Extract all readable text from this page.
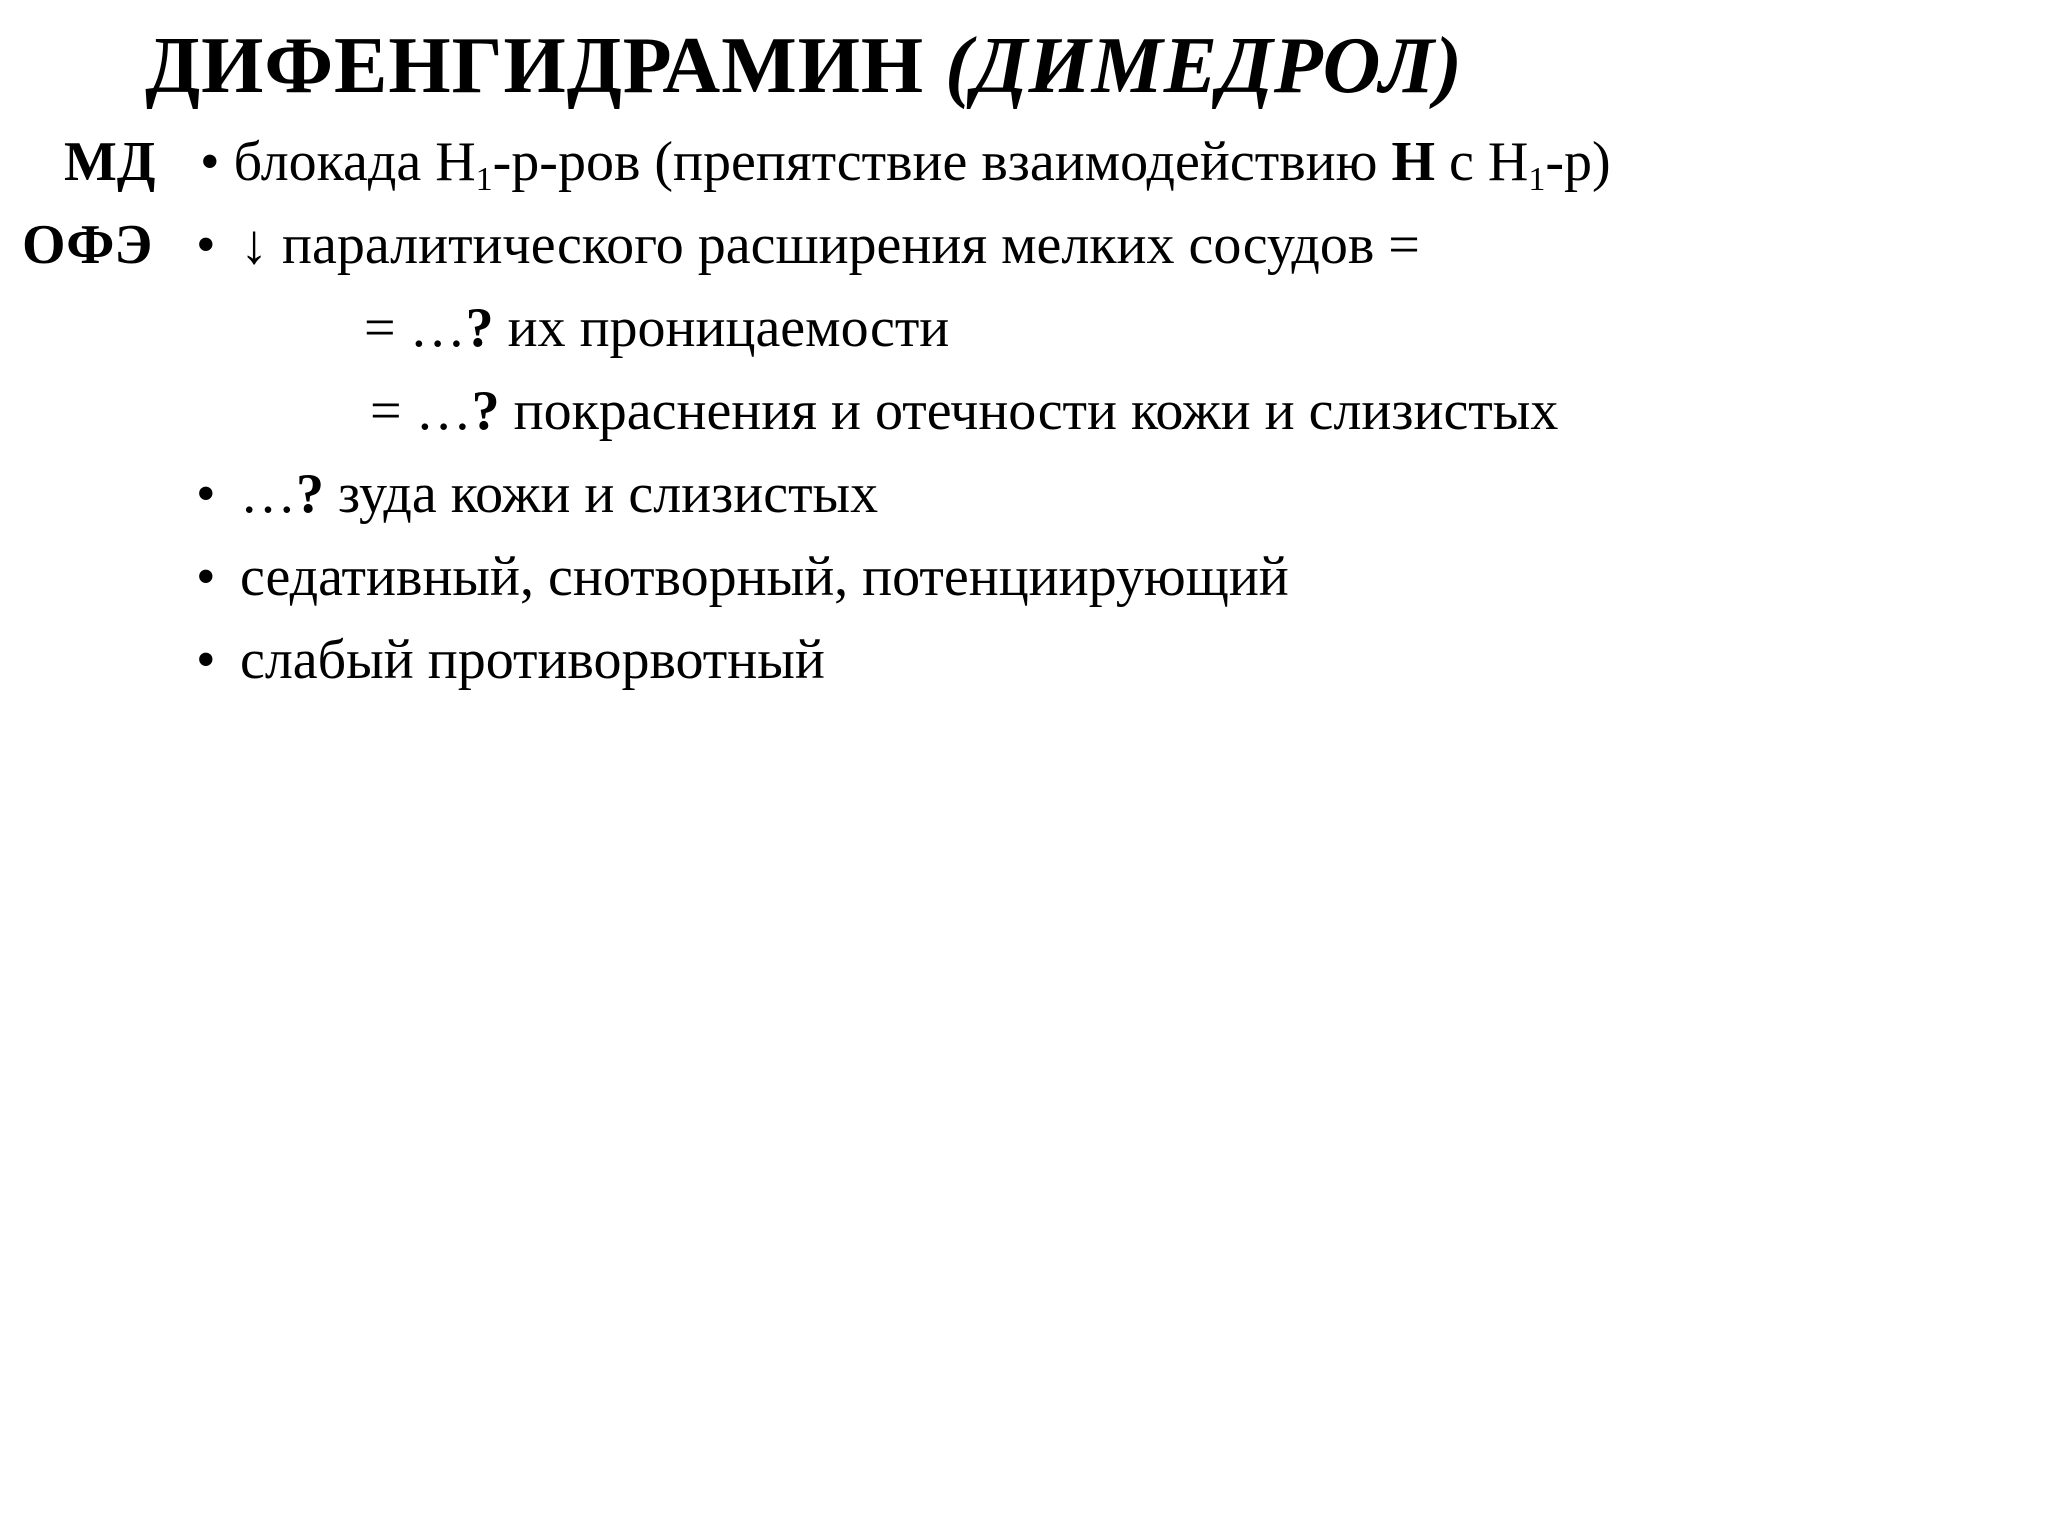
ДИФЕНГИДРАМИН (ДИМЕДРОЛ)
МД • блокада $Н_1-р$-ров (препятствие взаимодействию Н с $Н_1-р$)
ОФЭ • ↓ паралитического расширения мелких сосудов =
= …? их проницаемости
= …? покраснения и отечности кожи и слизистых
• …? зуда кожи и слизистых
• седативный, снотворный, потенциирующий
• слабый противорвотный
